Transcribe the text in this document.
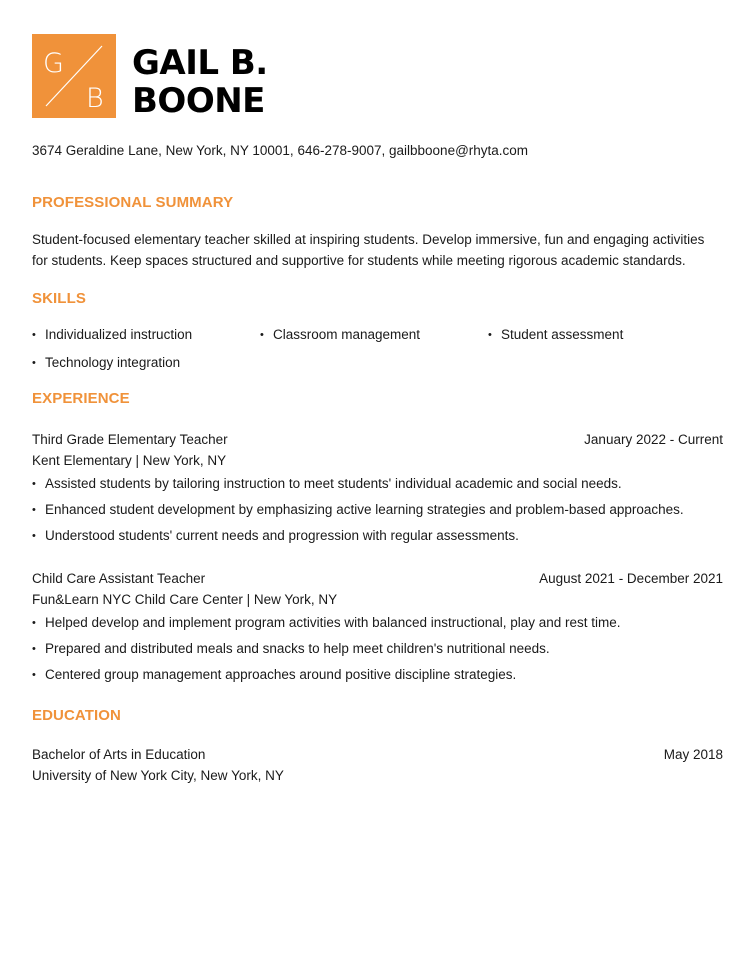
G
B
GAIL B.
BOONE
3674 Geraldine Lane, New York, NY 10001, 646-278-9007, gailbboone@rhyta.com
PROFESSIONAL SUMMARY
Student-focused elementary teacher skilled at inspiring students. Develop immersive, fun and engaging activities for students. Keep spaces structured and supportive for students while meeting rigorous academic standards.
SKILLS
• Individualized instruction	• Classroom management	• Student assessment
• Technology integration
EXPERIENCE
Third Grade Elementary Teacher	January 2022 - Current
Kent Elementary | New York, NY
• Assisted students by tailoring instruction to meet students' individual academic and social needs.
• Enhanced student development by emphasizing active learning strategies and problem-based approaches.
• Understood students' current needs and progression with regular assessments.
Child Care Assistant Teacher	August 2021 - December 2021
Fun&Learn NYC Child Care Center | New York, NY
• Helped develop and implement program activities with balanced instructional, play and rest time.
• Prepared and distributed meals and snacks to help meet children's nutritional needs.
• Centered group management approaches around positive discipline strategies.
EDUCATION
Bachelor of Arts in Education	May 2018
University of New York City, New York, NY
